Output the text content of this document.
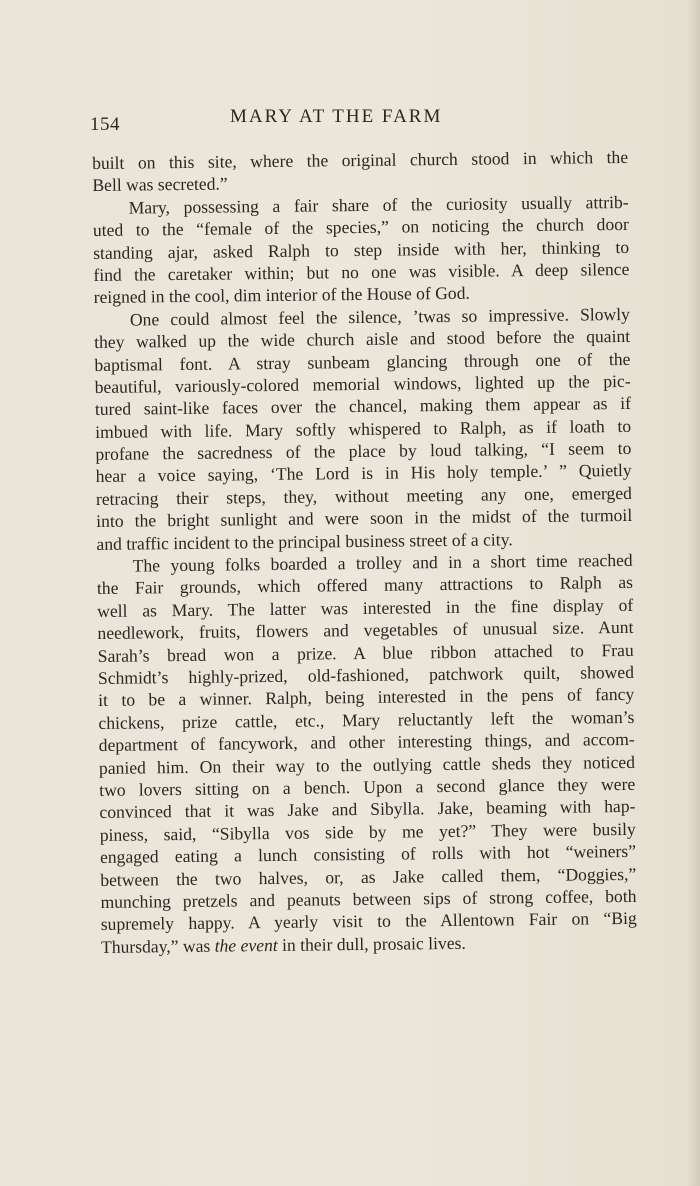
154	MARY AT THE FARM
built on this site, where the original church stood in which the
Bell was secreted.”
Mary, possessing a fair share of the curiosity usually attrib-
uted to the “female of the species,” on noticing the church door
standing ajar, asked Ralph to step inside with her, thinking to
find the caretaker within; but no one was visible. A deep silence
reigned in the cool, dim interior of the House of God.
One could almost feel the silence, ’twas so impressive. Slowly
they walked up the wide church aisle and stood before the quaint
baptismal font. A stray sunbeam glancing through one of the
beautiful, variously-colored memorial windows, lighted up the pic-
tured saint-like faces over the chancel, making them appear as if
imbued with life. Mary softly whispered to Ralph, as if loath to
profane the sacredness of the place by loud talking, “I seem to
hear a voice saying, ‘The Lord is in His holy temple.’ ” Quietly
retracing their steps, they, without meeting any one, emerged
into the bright sunlight and were soon in the midst of the turmoil
and traffic incident to the principal business street of a city.
The young folks boarded a trolley and in a short time reached
the Fair grounds, which offered many attractions to Ralph as
well as Mary. The latter was interested in the fine display of
needlework, fruits, flowers and vegetables of unusual size. Aunt
Sarah’s bread won a prize. A blue ribbon attached to Frau
Schmidt’s highly-prized, old-fashioned, patchwork quilt, showed
it to be a winner. Ralph, being interested in the pens of fancy
chickens, prize cattle, etc., Mary reluctantly left the woman’s
department of fancywork, and other interesting things, and accom-
panied him. On their way to the outlying cattle sheds they noticed
two lovers sitting on a bench. Upon a second glance they were
convinced that it was Jake and Sibylla. Jake, beaming with hap-
piness, said, “Sibylla vos side by me yet?” They were busily
engaged eating a lunch consisting of rolls with hot “weiners”
between the two halves, or, as Jake called them, “Doggies,”
munching pretzels and peanuts between sips of strong coffee, both
supremely happy. A yearly visit to the Allentown Fair on “Big
Thursday,” was the event in their dull, prosaic lives.
